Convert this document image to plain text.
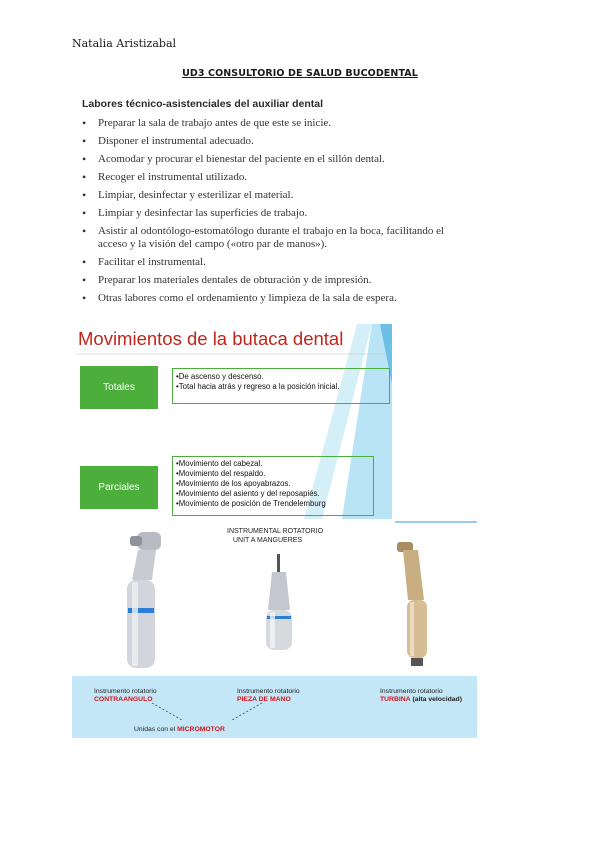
Natalia Aristizabal
UD3 CONSULTORIO DE SALUD BUCODENTAL
Labores técnico-asistenciales del auxiliar dental
• Preparar la sala de trabajo antes de que este se inicie.
• Disponer el instrumental adecuado.
• Acomodar y procurar el bienestar del paciente en el sillón dental.
• Recoger el instrumental utilizado.
• Limpiar, desinfectar y esterilizar el material.
• Limpiar y desinfectar las superficies de trabajo.
• Asistir al odontólogo-estomatólogo durante el trabajo en la boca, facilitando el acceso y la visión del campo («otro par de manos»).
• Facilitar el instrumental.
• Preparar los materiales dentales de obturación y de impresión.
• Otras labores como el ordenamiento y limpieza de la sala de espera.
Movimientos de la butaca dental
Totales
• De ascenso y descenso.
• Total hacia atrás y regreso a la posición inicial.
Parciales
• Movimiento del cabezal.
• Movimiento del respaldo.
• Movimiento de los apoyabrazos.
• Movimiento del asiento y del reposapiés.
• Movimiento de posición de Trendelemburg
INSTRUMENTAL ROTATORIO
UNIT A MANGUERES
Instrumento rotatorio
CONTRAANGULO
Instrumento rotatorio
PIEZA DE MANO
Instrumento rotatorio
TURBINA (alta velocidad)
Unidas con el MICROMOTOR
